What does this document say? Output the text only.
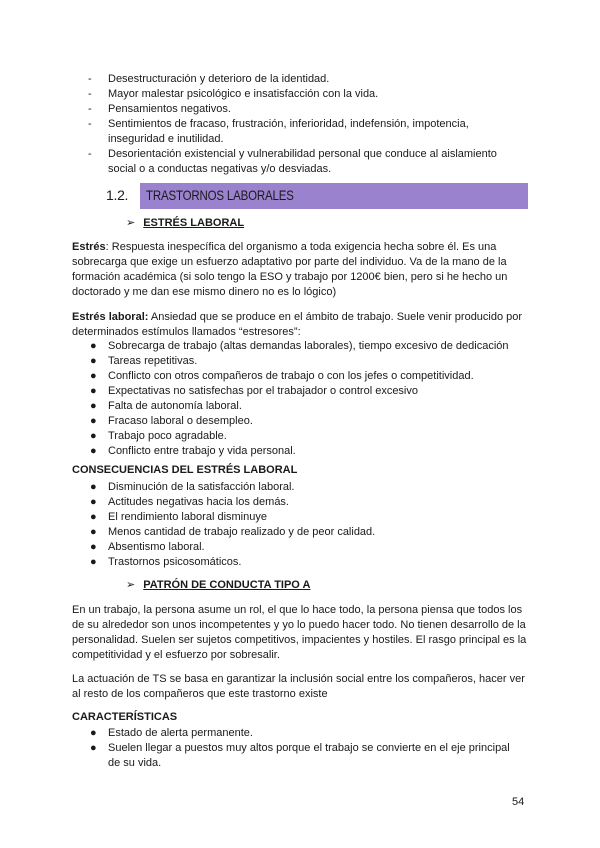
- Desestructuración y deterioro de la identidad.
- Mayor malestar psicológico e insatisfacción con la vida.
- Pensamientos negativos.
- Sentimientos de fracaso, frustración, inferioridad, indefensión, impotencia, inseguridad e inutilidad.
- Desorientación existencial y vulnerabilidad personal que conduce al aislamiento social o a conductas negativas y/o desviadas.
1.2. TRASTORNOS LABORALES
➢ ESTRÉS LABORAL

Estrés: Respuesta inespecífica del organismo a toda exigencia hecha sobre él. Es una sobrecarga que exige un esfuerzo adaptativo por parte del individuo. Va de la mano de la formación académica (si solo tengo la ESO y trabajo por 1200€ bien, pero si he hecho un doctorado y me dan ese mismo dinero no es lo lógico)

Estrés laboral: Ansiedad que se produce en el ámbito de trabajo. Suele venir producido por determinados estímulos llamados “estresores”:

● Sobrecarga de trabajo (altas demandas laborales), tiempo excesivo de dedicación
● Tareas repetitivas.
● Conflicto con otros compañeros de trabajo o con los jefes o competitividad.
● Expectativas no satisfechas por el trabajador o control excesivo
● Falta de autonomía laboral.
● Fracaso laboral o desempleo.
● Trabajo poco agradable.
● Conflicto entre trabajo y vida personal.
CONSECUENCIAS DEL ESTRÉS LABORAL
● Disminución de la satisfacción laboral.
● Actitudes negativas hacia los demás.
● El rendimiento laboral disminuye
● Menos cantidad de trabajo realizado y de peor calidad.
● Absentismo laboral.
● Trastornos psicosomáticos.
➢ PATRÓN DE CONDUCTA TIPO A

En un trabajo, la persona asume un rol, el que lo hace todo, la persona piensa que todos los de su alrededor son unos incompetentes y yo lo puedo hacer todo. No tienen desarrollo de la personalidad. Suelen ser sujetos competitivos, impacientes y hostiles. El rasgo principal es la competitividad y el esfuerzo por sobresalir.

La actuación de TS se basa en garantizar la inclusión social entre los compañeros, hacer ver al resto de los compañeros que este trastorno existe

CARACTERÍSTICAS
● Estado de alerta permanente.
● Suelen llegar a puestos muy altos porque el trabajo se convierte en el eje principal de su vida.
54
